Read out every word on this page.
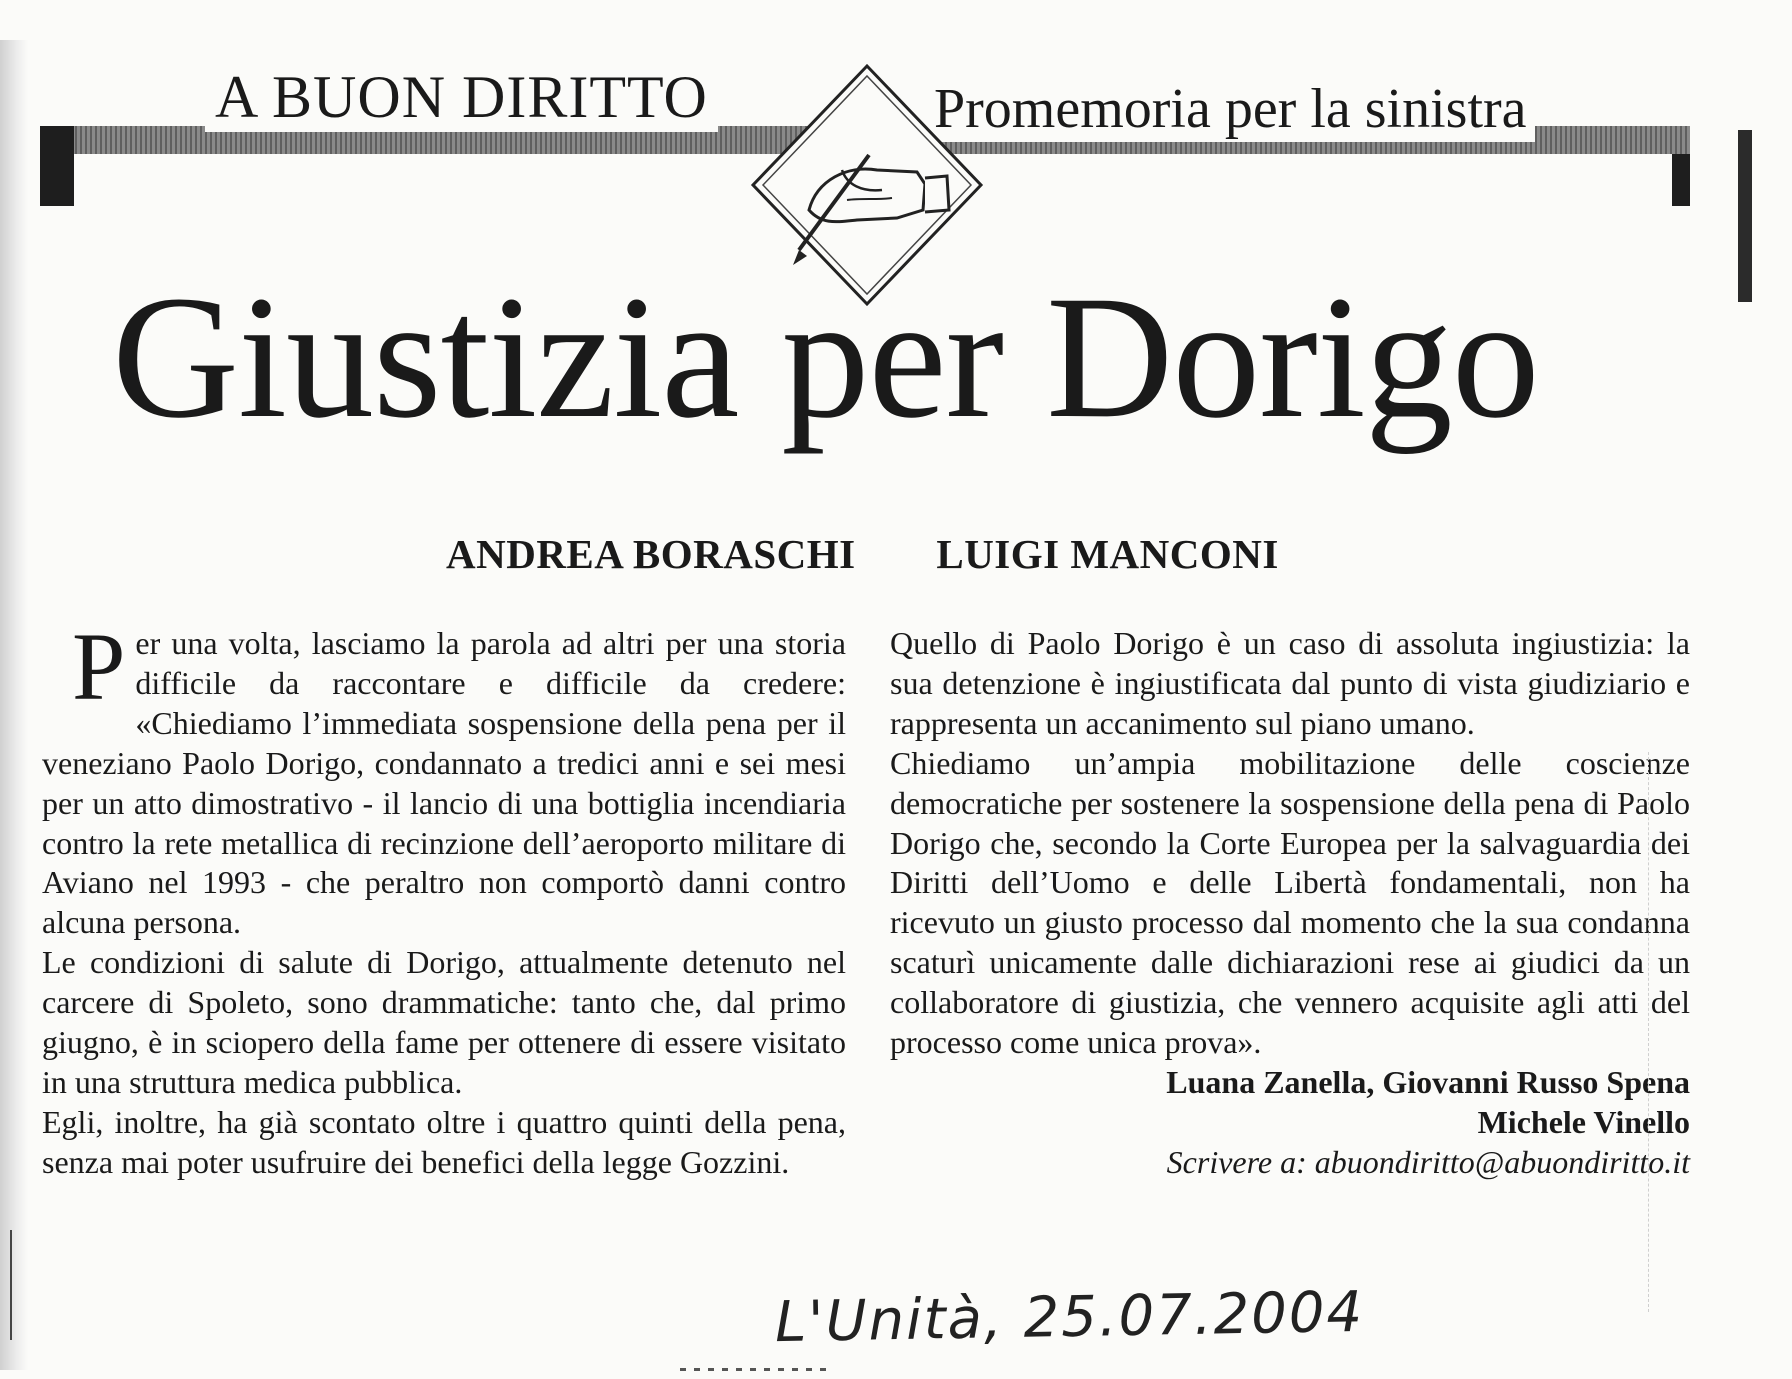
A BUON DIRITTO	Promemoria per la sinistra
Giustizia per Dorigo
ANDREA BORASCHI LUIGI MANCONI

Per una volta, lasciamo la parola ad altri per una storia difficile da raccontare e difficile da credere: «Chiediamo l’immediata sospensione della pena per il veneziano Paolo Dorigo, condannato a tredici anni e sei mesi per un atto dimostrativo - il lancio di una bottiglia incendiaria contro la rete metallica di recinzione dell’aeroporto militare di Aviano nel 1993 - che peraltro non comportò danni contro alcuna persona.

Le condizioni di salute di Dorigo, attualmente detenuto nel carcere di Spoleto, sono drammatiche: tanto che, dal primo giugno, è in sciopero della fame per ottenere di essere visitato in una struttura medica pubblica.

Egli, inoltre, ha già scontato oltre i quattro quinti della pena, senza mai poter usufruire dei benefici della legge Gozzini.

Quello di Paolo Dorigo è un caso di assoluta ingiustizia: la sua detenzione è ingiustificata dal punto di vista giudiziario e rappresenta un accanimento sul piano umano.

Chiediamo un’ampia mobilitazione delle coscienze democratiche per sostenere la sospensione della pena di Paolo Dorigo che, secondo la Corte Europea per la salvaguardia dei Diritti dell’Uomo e delle Libertà fondamentali, non ha ricevuto un giusto processo dal momento che la sua condanna scaturì unicamente dalle dichiarazioni rese ai giudici da un collaboratore di giustizia, che vennero acquisite agli atti del processo come unica prova».

Luana Zanella, Giovanni Russo Spena

Michele Vinello

Scrivere a: abuondiritto@abuondiritto.it

L'Unità, 25.07.2004
